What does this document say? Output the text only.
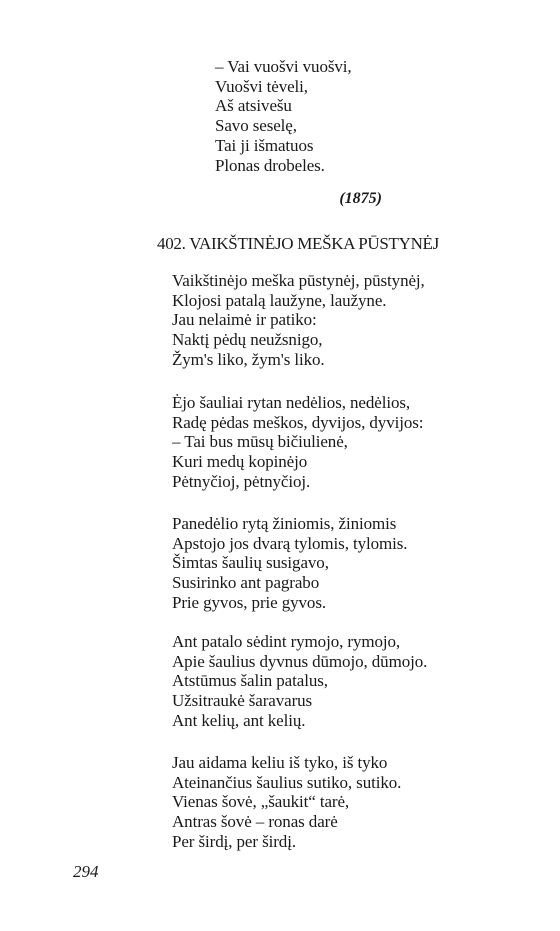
– Vai vuošvi vuošvi,
Vuošvi tėveli,
Aš atsivešu
Savo seselę,
Tai ji išmatuos
Plonas drobeles.
(1875)
402. VAIKŠTINĖJO MEŠKA PŪSTYNĖJ
Vaikštinėjo meška pūstynėj, pūstynėj,
Klojosi patalą laužyne, laužyne.
Jau nelaimė ir patiko:
Naktį pėdų neužsnigo,
Žym's liko, žym's liko.
Ėjo šauliai rytan nedėlios, nedėlios,
Radę pėdas meškos, dyvijos, dyvijos:
– Tai bus mūsų bičiulienė,
Kuri medų kopinėjo
Pėtnyčioj, pėtnyčioj.
Panedėlio rytą žiniomis, žiniomis
Apstojo jos dvarą tylomis, tylomis.
Šimtas šaulių susigavo,
Susirinko ant pagrabo
Prie gyvos, prie gyvos.
Ant patalo sėdint rymojo, rymojo,
Apie šaulius dyvnus dūmojo, dūmojo.
Atstūmus šalin patalus,
Užsitraukė šaravarus
Ant kelių, ant kelių.
Jau aidama keliu iš tyko, iš tyko
Ateinančius šaulius sutiko, sutiko.
Vienas šovė, „šaukit“ tarė,
Antras šovė – ronas darė
Per širdį, per širdį.
294
